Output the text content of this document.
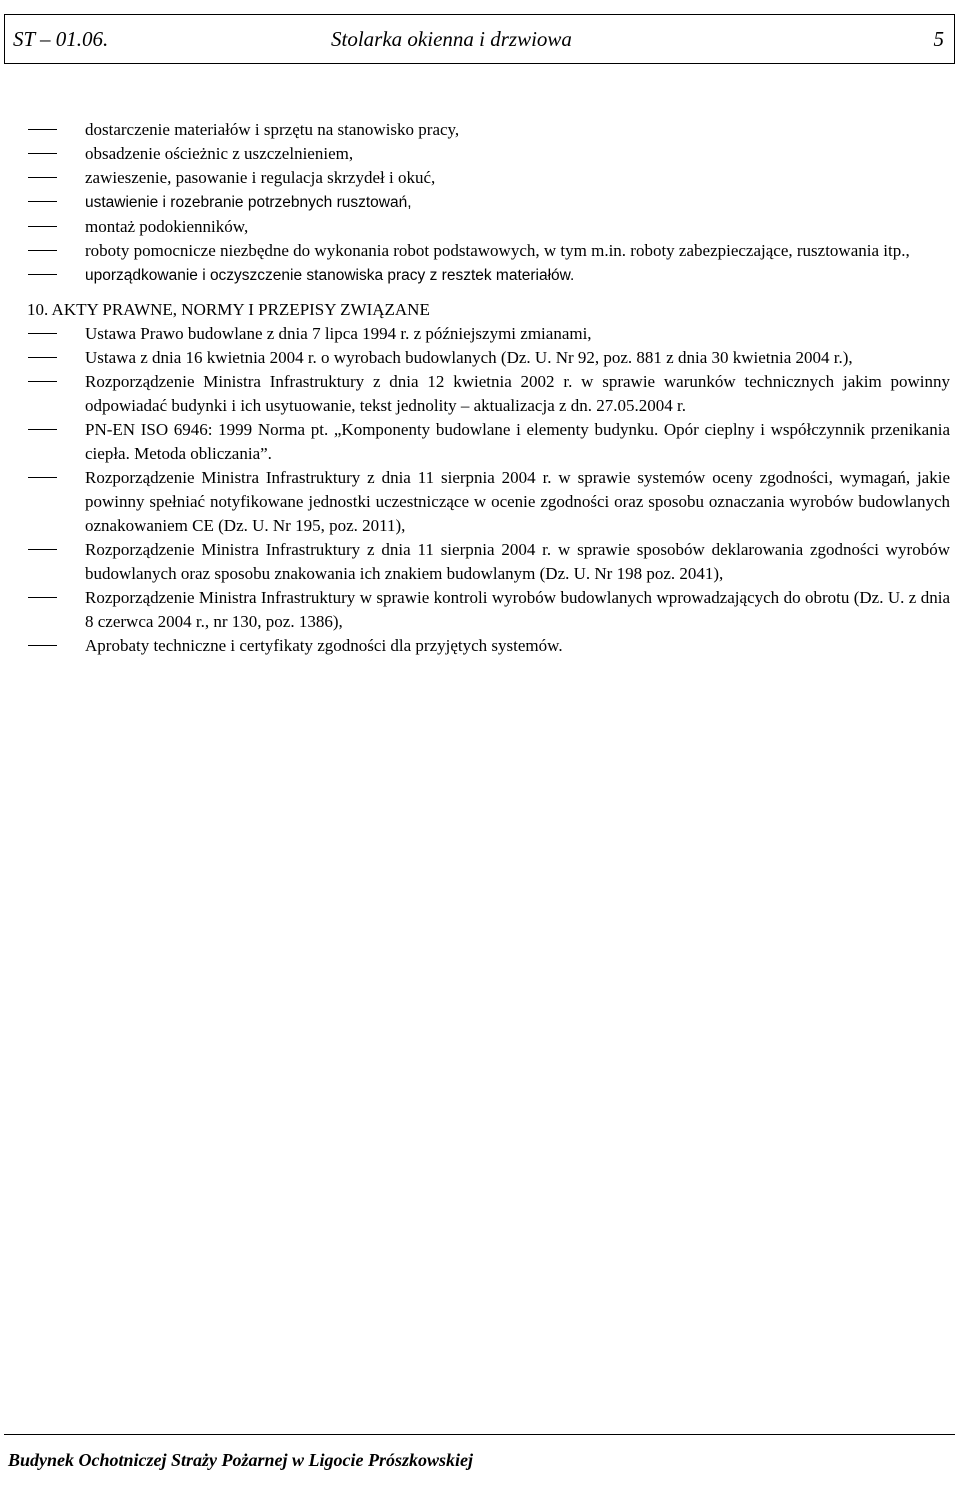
ST – 01.06.	Stolarka okienna i drzwiowa	5
dostarczenie materiałów i sprzętu na stanowisko pracy,
obsadzenie ościeżnic z uszczelnieniem,
zawieszenie, pasowanie i regulacja skrzydeł i okuć,
ustawienie i rozebranie potrzebnych rusztowań,
montaż podokienników,
roboty pomocnicze niezbędne do wykonania robot podstawowych, w tym m.in. roboty zabezpieczające, rusztowania itp.,
uporządkowanie i oczyszczenie stanowiska pracy z resztek materiałów.
10. AKTY PRAWNE, NORMY I PRZEPISY ZWIĄZANE
Ustawa Prawo budowlane z dnia 7 lipca 1994 r. z późniejszymi zmianami,
Ustawa z dnia 16 kwietnia 2004 r. o wyrobach budowlanych (Dz. U. Nr 92, poz. 881 z dnia 30 kwietnia 2004 r.),
Rozporządzenie Ministra Infrastruktury z dnia 12 kwietnia 2002 r. w sprawie warunków technicznych jakim powinny odpowiadać budynki i ich usytuowanie, tekst jednolity – aktualizacja z dn. 27.05.2004 r.
PN-EN ISO 6946: 1999 Norma pt. „Komponenty budowlane i elementy budynku. Opór cieplny i współczynnik przenikania ciepła. Metoda obliczania”.
Rozporządzenie Ministra Infrastruktury z dnia 11 sierpnia 2004 r. w sprawie systemów oceny zgodności, wymagań, jakie powinny spełniać notyfikowane jednostki uczestniczące w ocenie zgodności oraz sposobu oznaczania wyrobów budowlanych oznakowaniem CE (Dz. U. Nr 195, poz. 2011),
Rozporządzenie Ministra Infrastruktury z dnia 11 sierpnia 2004 r. w sprawie sposobów deklarowania zgodności wyrobów budowlanych oraz sposobu znakowania ich znakiem budowlanym (Dz. U. Nr 198 poz. 2041),
Rozporządzenie Ministra Infrastruktury w sprawie kontroli wyrobów budowlanych wprowadzających do obrotu (Dz. U. z dnia 8 czerwca 2004 r., nr 130, poz. 1386),
Aprobaty techniczne i certyfikaty zgodności dla przyjętych systemów.
Budynek Ochotniczej Straży Pożarnej w Ligocie Prószkowskiej
